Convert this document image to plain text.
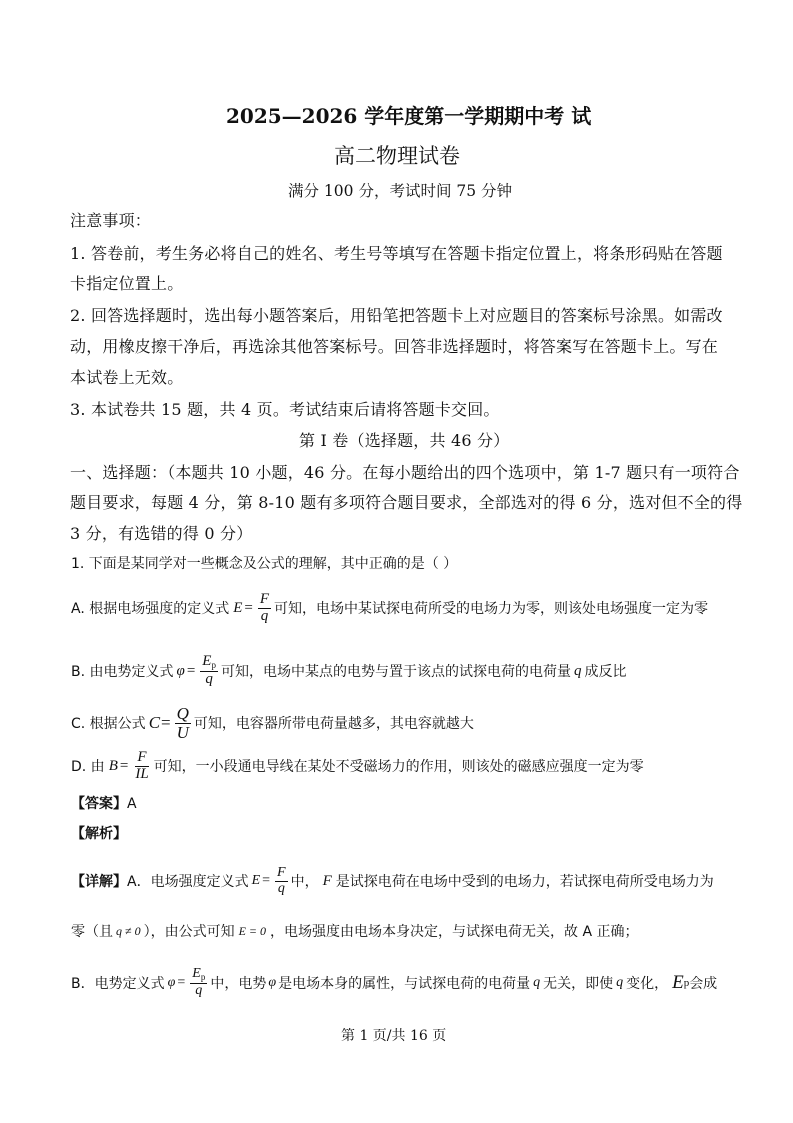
2025—2026 学年度第一学期期中考 试
高二物理试卷
满分 100 分，考试时间 75 分钟
注意事项：
1. 答卷前，考生务必将自己的姓名、考生号等填写在答题卡指定位置上，将条形码贴在答题
卡指定位置上。
2. 回答选择题时，选出每小题答案后，用铅笔把答题卡上对应题目的答案标号涂黑。如需改
动，用橡皮擦干净后，再选涂其他答案标号。回答非选择题时，将答案写在答题卡上。写在
本试卷上无效。
3. 本试卷共 15 题，共 4 页。考试结束后请将答题卡交回。
第 I 卷（选择题，共 46 分）
一、选择题：（本题共 10 小题，46 分。在每小题给出的四个选项中，第 1-7 题只有一项符合
题目要求，每题 4 分，第 8-10 题有多项符合题目要求，全部选对的得 6 分，选对但不全的得
3 分，有选错的得 0 分）
1. 下面是某同学对一些概念及公式的理解，其中正确的是（ ）
A. 根据电场强度的定义式 $E = \frac{F}{q}$ 可知，电场中某试探电荷所受的电场力为零，则该处电场强度一定为零
B. 由电势定义式 $\varphi = \frac{E_p}{q}$ 可知，电场中某点的电势与置于该点的试探电荷的电荷量 q 成反比
C. 根据公式 $C = \frac{Q}{U}$ 可知，电容器所带电荷量越多，其电容就越大
D. 由 $B = \frac{F}{IL}$ 可知，一小段通电导线在某处不受磁场力的作用，则该处的磁感应强度一定为零
【答案】A
【解析】
【详解】 A．电场强度定义式 $E = \frac{F}{q}$ 中， F 是试探电荷在电场中受到的电场力，若试探电荷所受电场力为
零（且 q ≠ 0 ），由公式可知 E = 0 ，电场强度由电场本身决定，与试探电荷无关，故 A 正确；
B．电势定义式 $\varphi = \frac{E_p}{q}$ 中，电势 φ 是电场本身的属性，与试探电荷的电荷量 q 无关，即使 q 变化， E p 会成
第 1 页/共 16 页
